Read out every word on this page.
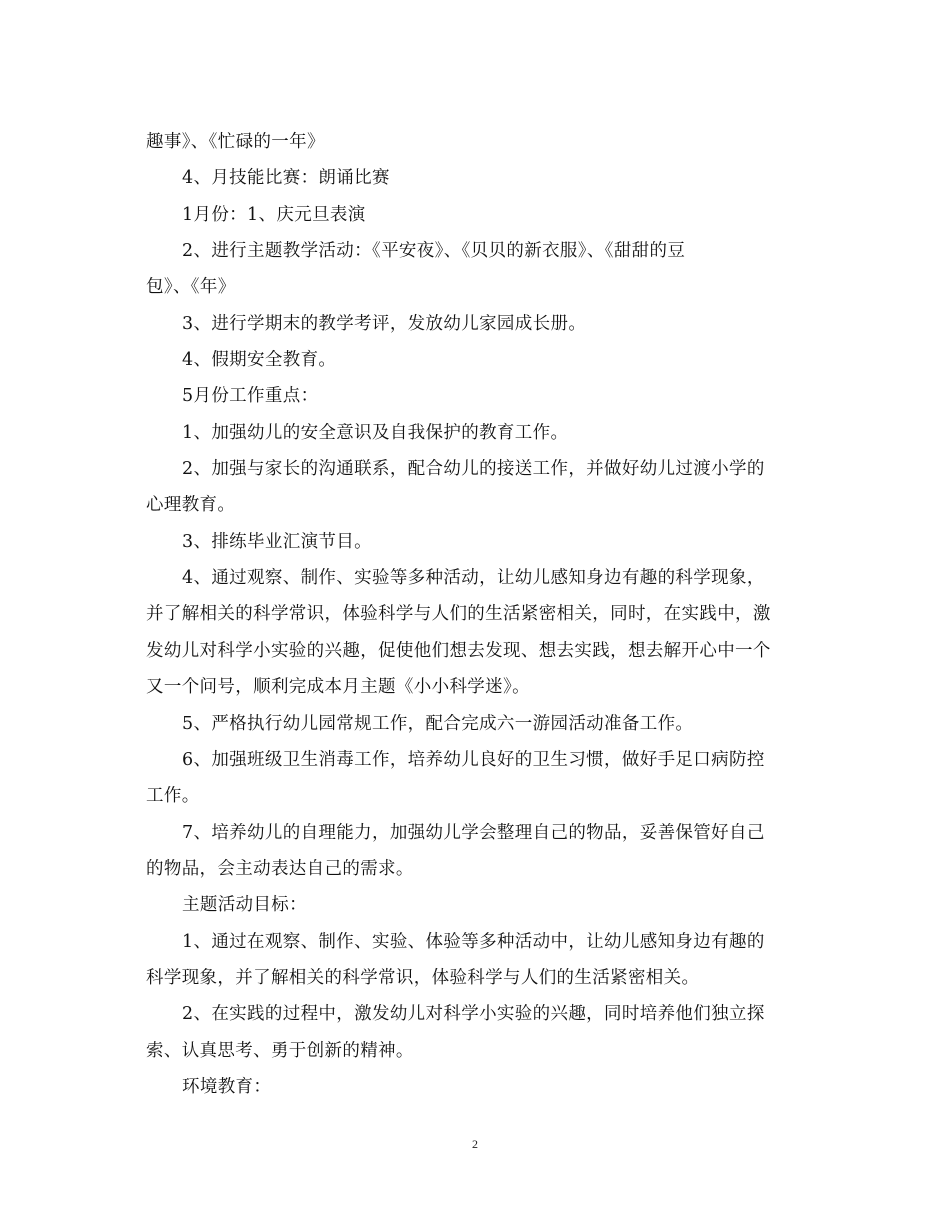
趣事》、《忙碌的一年》
4、月技能比赛：朗诵比赛
1月份：1、庆元旦表演
2、进行主题教学活动：《平安夜》、《贝贝的新衣服》、《甜甜的豆
包》、《年》
3、进行学期末的教学考评，发放幼儿家园成长册。
4、假期安全教育。
5月份工作重点：
1、加强幼儿的安全意识及自我保护的教育工作。
2、加强与家长的沟通联系，配合幼儿的接送工作，并做好幼儿过渡小学的
心理教育。
3、排练毕业汇演节目。
4、通过观察、制作、实验等多种活动，让幼儿感知身边有趣的科学现象，
并了解相关的科学常识，体验科学与人们的生活紧密相关，同时，在实践中，激
发幼儿对科学小实验的兴趣，促使他们想去发现、想去实践，想去解开心中一个
又一个问号，顺利完成本月主题《小小科学迷》。
5、严格执行幼儿园常规工作，配合完成六一游园活动准备工作。
6、加强班级卫生消毒工作，培养幼儿良好的卫生习惯，做好手足口病防控
工作。
7、培养幼儿的自理能力，加强幼儿学会整理自己的物品，妥善保管好自己
的物品，会主动表达自己的需求。
主题活动目标：
1、通过在观察、制作、实验、体验等多种活动中，让幼儿感知身边有趣的
科学现象，并了解相关的科学常识，体验科学与人们的生活紧密相关。
2、在实践的过程中，激发幼儿对科学小实验的兴趣，同时培养他们独立探
索、认真思考、勇于创新的精神。
环境教育：
2
